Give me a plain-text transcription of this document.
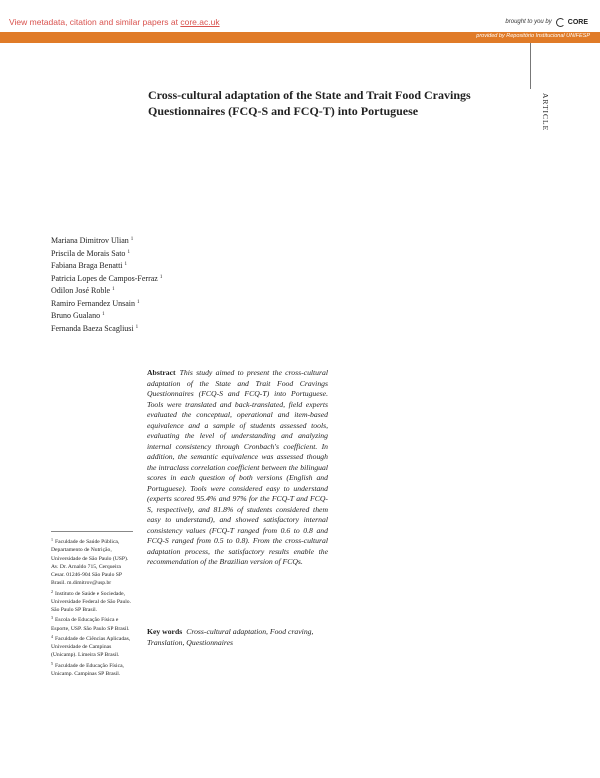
View metadata, citation and similar papers at core.ac.uk	brought to you by CORE
provided by Repositório Institucional UNIFESP
ARTICLE
Cross-cultural adaptation of the State and Trait Food Cravings Questionnaires (FCQ-S and FCQ-T) into Portuguese
Mariana Dimitrov Ulian $^1$
Priscila de Morais Sato $^1$
Fabiana Braga Benatti $^1$
Patricia Lopes de Campos-Ferraz $^1$
Odilon José Roble $^1$
Ramiro Fernandez Unsain $^1$
Bruno Gualano $^1$
Fernanda Baeza Scagliusi $^1$

Abstract This study aimed to present the cross-cultural adaptation of the State and Trait Food Cravings Questionnaires (FCQ-S and FCQ-T) into Portuguese. Tools were translated and back-translated, field experts evaluated the conceptual, operational and item-based equivalence and a sample of students assessed tools, evaluating the level of understanding and analyzing internal consistency through Cronbach's coefficient. In addition, the semantic equivalence was assessed though the intraclass correlation coefficient between the bilingual scores in each question of both versions (English and Portuguese). Tools were considered easy to understand (experts scored 95.4% and 97% for the FCQ-T and FCQ-S, respectively, and 81.8% of students considered them easy to understand), and showed satisfactory internal consistency values (FCQ-T ranged from 0.6 to 0.8 and FCQ-S ranged from 0.5 to 0.8). From the cross-cultural adaptation process, the satisfactory results enable the recommendation of the Brazilian version of FCQs.

Key words Cross-cultural adaptation, Food craving, Translation, Questionnaires

$^1$ Faculdade de Saúde Pública, Departamento de Nutrição, Universidade de São Paulo (USP). Av. Dr. Arnaldo 715, Cerqueira Cesar. 01246-904 São Paulo SP Brasil. m.dimitrov@usp.br

$^2$ Instituto de Saúde e Sociedade, Universidade Federal de São Paulo. São Paulo SP Brasil.

$^3$ Escola de Educação Física e Esporte, USP. São Paulo SP Brasil.

$^4$ Faculdade de Ciências Aplicadas, Universidade de Campinas (Unicamp). Limeira SP Brasil.

$^5$ Faculdade de Educação Física, Unicamp. Campinas SP Brasil.
